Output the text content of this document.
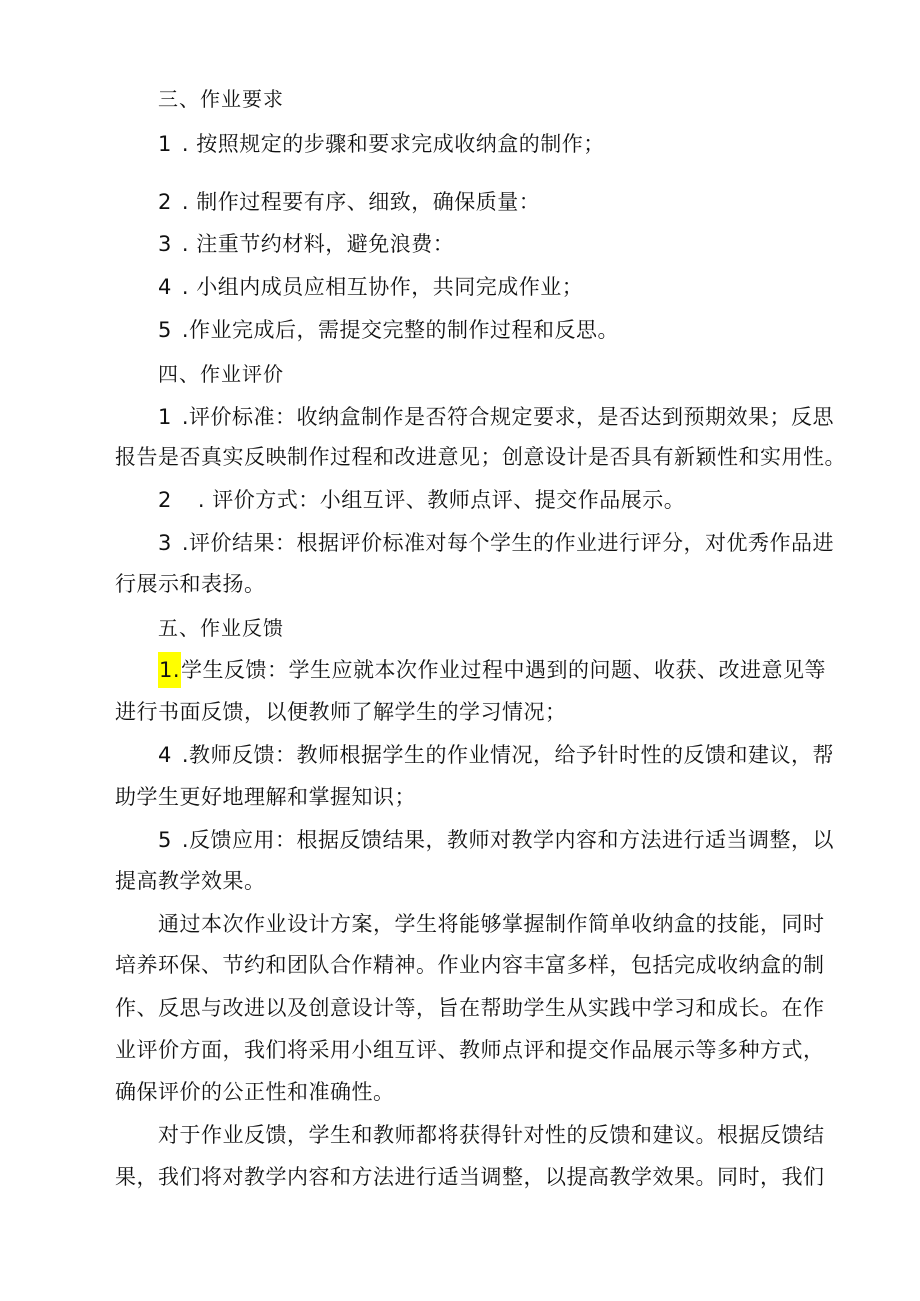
三、作业要求
1 . 按照规定的步骤和要求完成收纳盒的制作；
2 . 制作过程要有序、细致，确保质量：
3 . 注重节约材料，避免浪费：
4 . 小组内成员应相互协作，共同完成作业；
5 .作业完成后，需提交完整的制作过程和反思。
四、作业评价
1 .评价标准：收纳盒制作是否符合规定要求，是否达到预期效果；反思
报告是否真实反映制作过程和改进意见；创意设计是否具有新颖性和实用性。
2 . 评价方式：小组互评、教师点评、提交作品展示。
3 .评价结果：根据评价标准对每个学生的作业进行评分，对优秀作品进
行展示和表扬。
五、作业反馈
1.学生反馈：学生应就本次作业过程中遇到的问题、收获、改进意见等
进行书面反馈，以便教师了解学生的学习情况；
4 .教师反馈：教师根据学生的作业情况，给予针时性的反馈和建议，帮
助学生更好地理解和掌握知识；
5 .反馈应用：根据反馈结果，教师对教学内容和方法进行适当调整，以
提高教学效果。
通过本次作业设计方案，学生将能够掌握制作简单收纳盒的技能，同时
培养环保、节约和团队合作精神。作业内容丰富多样，包括完成收纳盒的制
作、反思与改进以及创意设计等，旨在帮助学生从实践中学习和成长。在作
业评价方面，我们将采用小组互评、教师点评和提交作品展示等多种方式，
确保评价的公正性和准确性。
对于作业反馈，学生和教师都将获得针对性的反馈和建议。根据反馈结
果，我们将对教学内容和方法进行适当调整，以提高教学效果。同时，我们
